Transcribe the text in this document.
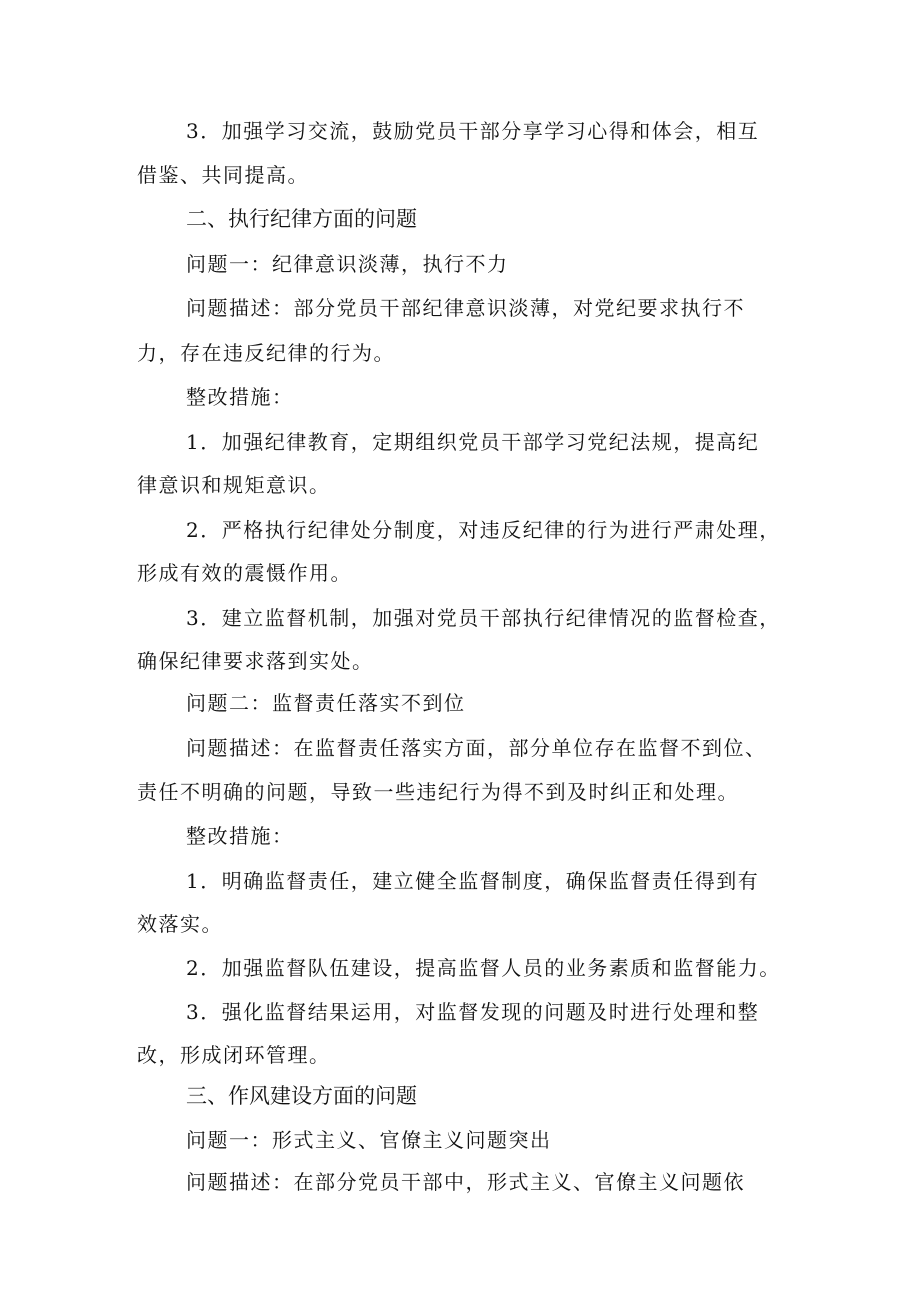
3．加强学习交流，鼓励党员干部分享学习心得和体会，相互
借鉴、共同提高。
二、执行纪律方面的问题
问题一：纪律意识淡薄，执行不力
问题描述：部分党员干部纪律意识淡薄，对党纪要求执行不
力，存在违反纪律的行为。
整改措施：
1．加强纪律教育，定期组织党员干部学习党纪法规，提高纪
律意识和规矩意识。
2．严格执行纪律处分制度，对违反纪律的行为进行严肃处理，
形成有效的震慑作用。
3．建立监督机制，加强对党员干部执行纪律情况的监督检查，
确保纪律要求落到实处。
问题二：监督责任落实不到位
问题描述：在监督责任落实方面，部分单位存在监督不到位、
责任不明确的问题，导致一些违纪行为得不到及时纠正和处理。
整改措施：
1．明确监督责任，建立健全监督制度，确保监督责任得到有
效落实。
2．加强监督队伍建设，提高监督人员的业务素质和监督能力。
3．强化监督结果运用，对监督发现的问题及时进行处理和整
改，形成闭环管理。
三、作风建设方面的问题
问题一：形式主义、官僚主义问题突出
问题描述：在部分党员干部中，形式主义、官僚主义问题依
